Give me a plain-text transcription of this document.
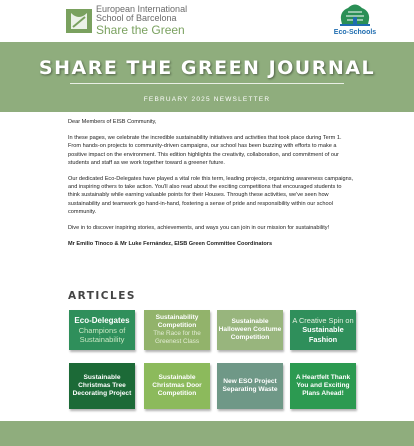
European International
School of Barcelona
Share the Green	Eco-Schools
SHARE THE GREEN JOURNAL
FEBRUARY 2025 NEWSLETTER

Dear Members of EISB Community,

In these pages, we celebrate the incredible sustainability initiatives and activities that took place during Term 1. From hands-on projects to community-driven campaigns, our school has been buzzing with efforts to make a positive impact on the environment. This edition highlights the creativity, collaboration, and commitment of our students and staff as we work together toward a greener future.

Our dedicated Eco-Delegates have played a vital role this term, leading projects, organizing awareness campaigns, and inspiring others to take action. You'll also read about the exciting competitions that encouraged students to think sustainably while earning valuable points for their Houses. Through these activities, we've seen how sustainability and teamwork go hand-in-hand, fostering a sense of pride and responsibility within our school community.

Dive in to discover inspiring stories, achievements, and ways you can join in our mission for sustainability!

Mr Emilio Tinoco & Mr Luke Fernández, EISB Green Committee Coordinators

ARTICLES
Eco-Delegates
Champions of Sustainability
Sustainability Competition
The Race for the Greenest Class
Sustainable Halloween Costume Competition
A Creative Spin on Sustainable Fashion
Sustainable Christmas Tree Decorating Project
Sustainable Christmas Door Competition
New ESO Project Separating Waste
A Heartfelt Thank You and Exciting Plans Ahead!
